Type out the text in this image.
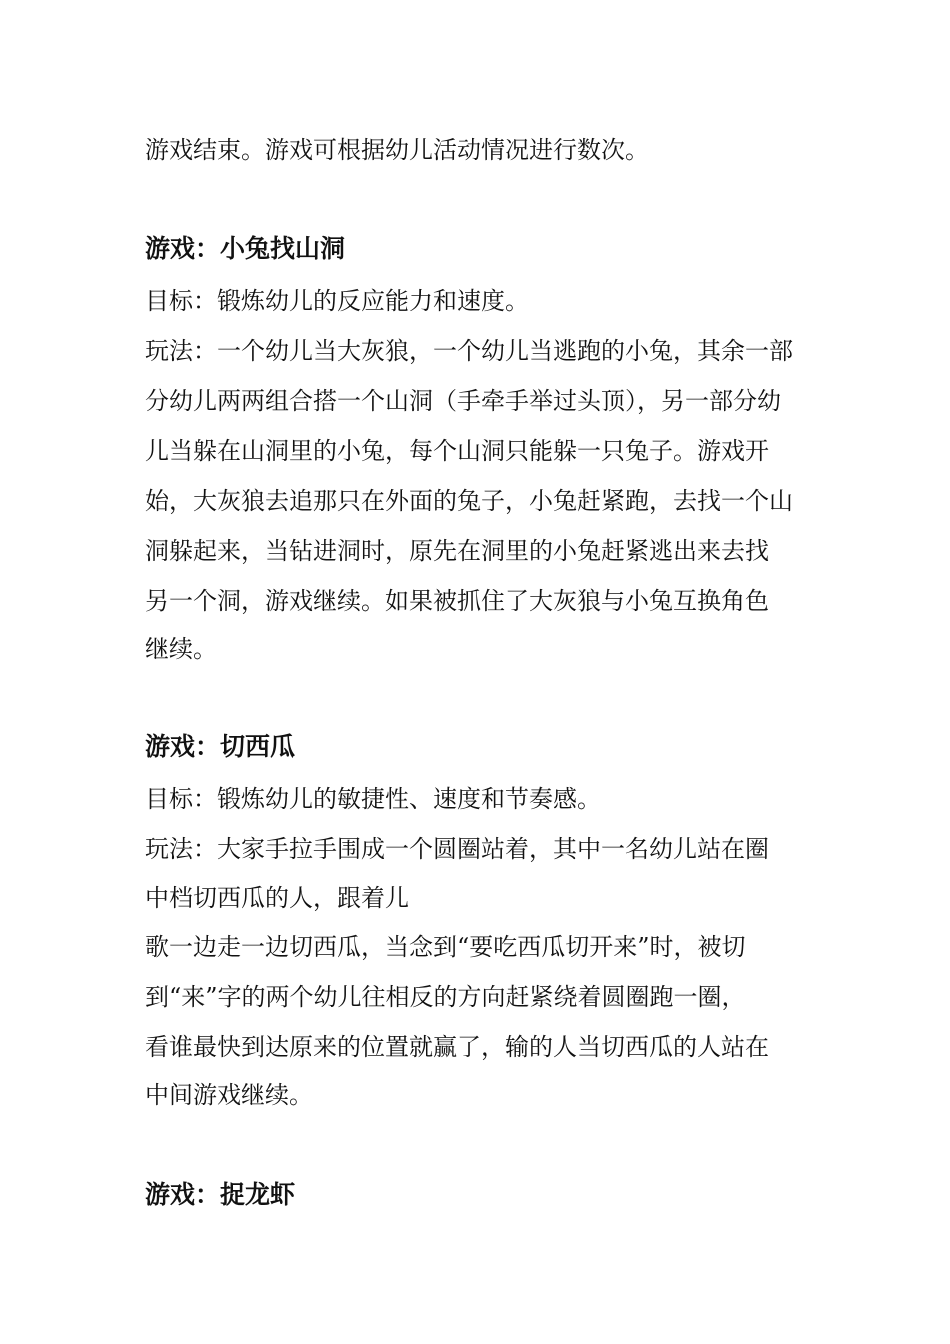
游戏结束。游戏可根据幼儿活动情况进行数次。
游戏：小兔找山洞
目标：锻炼幼儿的反应能力和速度。
玩法：一个幼儿当大灰狼，一个幼儿当逃跑的小兔，其余一部
分幼儿两两组合搭一个山洞（手牵手举过头顶），另一部分幼
儿当躲在山洞里的小兔，每个山洞只能躲一只兔子。游戏开
始，大灰狼去追那只在外面的兔子，小兔赶紧跑，去找一个山
洞躲起来，当钻进洞时，原先在洞里的小兔赶紧逃出来去找
另一个洞，游戏继续。如果被抓住了大灰狼与小兔互换角色
继续。
游戏：切西瓜
目标：锻炼幼儿的敏捷性、速度和节奏感。
玩法：大家手拉手围成一个圆圈站着，其中一名幼儿站在圈
中档切西瓜的人，跟着儿
歌一边走一边切西瓜，当念到“要吃西瓜切开来”时，被切
到“来”字的两个幼儿往相反的方向赶紧绕着圆圈跑一圈，
看谁最快到达原来的位置就赢了，输的人当切西瓜的人站在
中间游戏继续。
游戏：捉龙虾
